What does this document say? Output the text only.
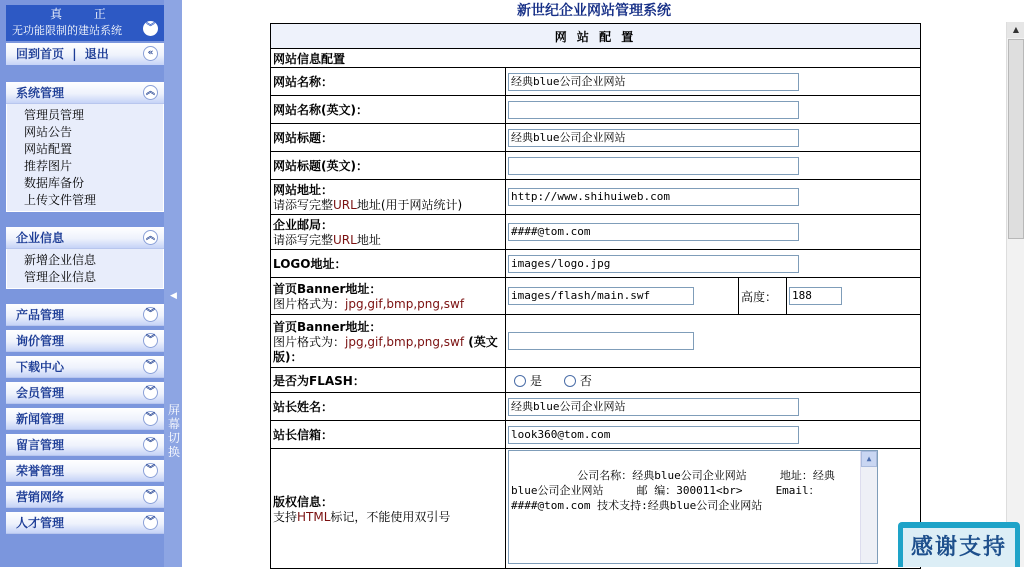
真 正
无功能限制的建站系统	︾
回到首页 | 退出	«
系统管理	︽
管理员管理
网站公告
网站配置
推荐图片
数据库备份
上传文件管理
企业信息	︽
新增企业信息
管理企业信息
产品管理	︾
询价管理	︾
下载中心	︾
会员管理	︾
新闻管理	︾
留言管理	︾
荣誉管理	︾
营销网络	︾
人才管理	︾
◀
屏幕切换
新世纪企业网站管理系统
网 站 配 置			
网站信息配置			
网站名称：	经典blue公司企业网站		

网站名称(英文)：			

网站标题：	经典blue公司企业网站		

网站标题(英文)：			

网站地址：
请添写完整URL地址(用于网站统计)	http://www.shihuiweb.com		

企业邮局：
请添写完整URL地址	####@tom.com		

LOGO地址：	images/logo.jpg		

首页Banner地址：
图片格式为：jpg,gif,bmp,png,swf	images/flash/main.swf	高度：	188

首页Banner地址：
图片格式为：jpg,gif,bmp,png,swf (英文版)：			

是否为FLASH：	是 否		
站长姓名：	经典blue公司企业网站		

站长信箱：	look360@tom.com		

版权信息：
支持HTML标记，不能使用双引号	公司名称：经典blue公司企业网站     地址：经典blue公司企业网站     邮 编：300011<br>     Email：####@tom.com 技术支持:经典blue公司企业网站

▲		

▲
感谢支持
